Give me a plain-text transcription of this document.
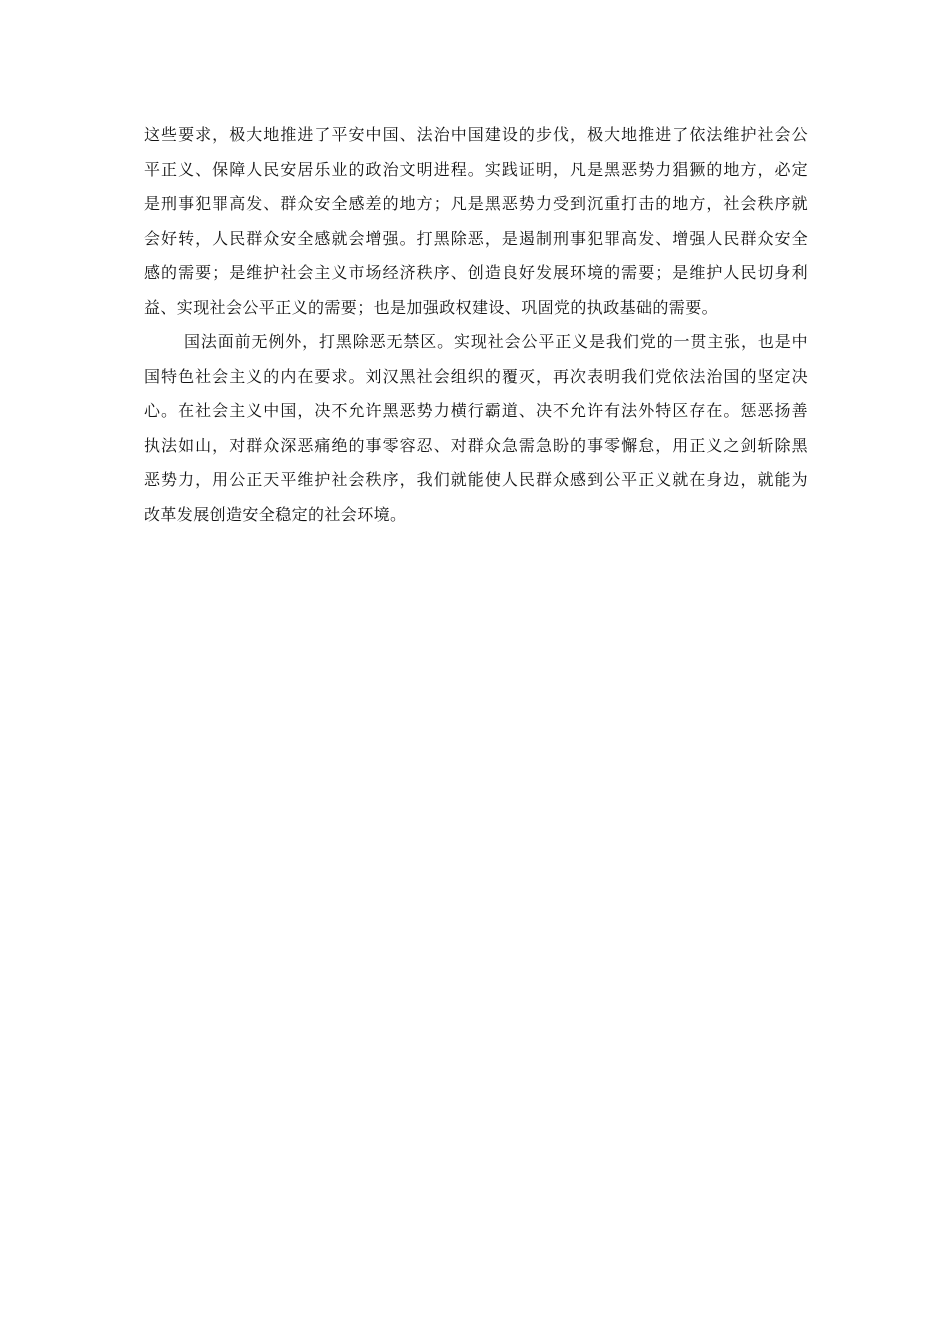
这些要求，极大地推进了平安中国、法治中国建设的步伐，极大地推进了依法维护社会公
平正义、保障人民安居乐业的政治文明进程。实践证明，凡是黑恶势力猖獗的地方，必定
是刑事犯罪高发、群众安全感差的地方；凡是黑恶势力受到沉重打击的地方，社会秩序就
会好转，人民群众安全感就会增强。打黑除恶，是遏制刑事犯罪高发、增强人民群众安全
感的需要；是维护社会主义市场经济秩序、创造良好发展环境的需要；是维护人民切身利
益、实现社会公平正义的需要；也是加强政权建设、巩固党的执政基础的需要。
国法面前无例外，打黑除恶无禁区。实现社会公平正义是我们党的一贯主张，也是中
国特色社会主义的内在要求。刘汉黑社会组织的覆灭，再次表明我们党依法治国的坚定决
心。在社会主义中国，决不允许黑恶势力横行霸道、决不允许有法外特区存在。惩恶扬善
执法如山，对群众深恶痛绝的事零容忍、对群众急需急盼的事零懈怠，用正义之剑斩除黑
恶势力，用公正天平维护社会秩序，我们就能使人民群众感到公平正义就在身边，就能为
改革发展创造安全稳定的社会环境。
